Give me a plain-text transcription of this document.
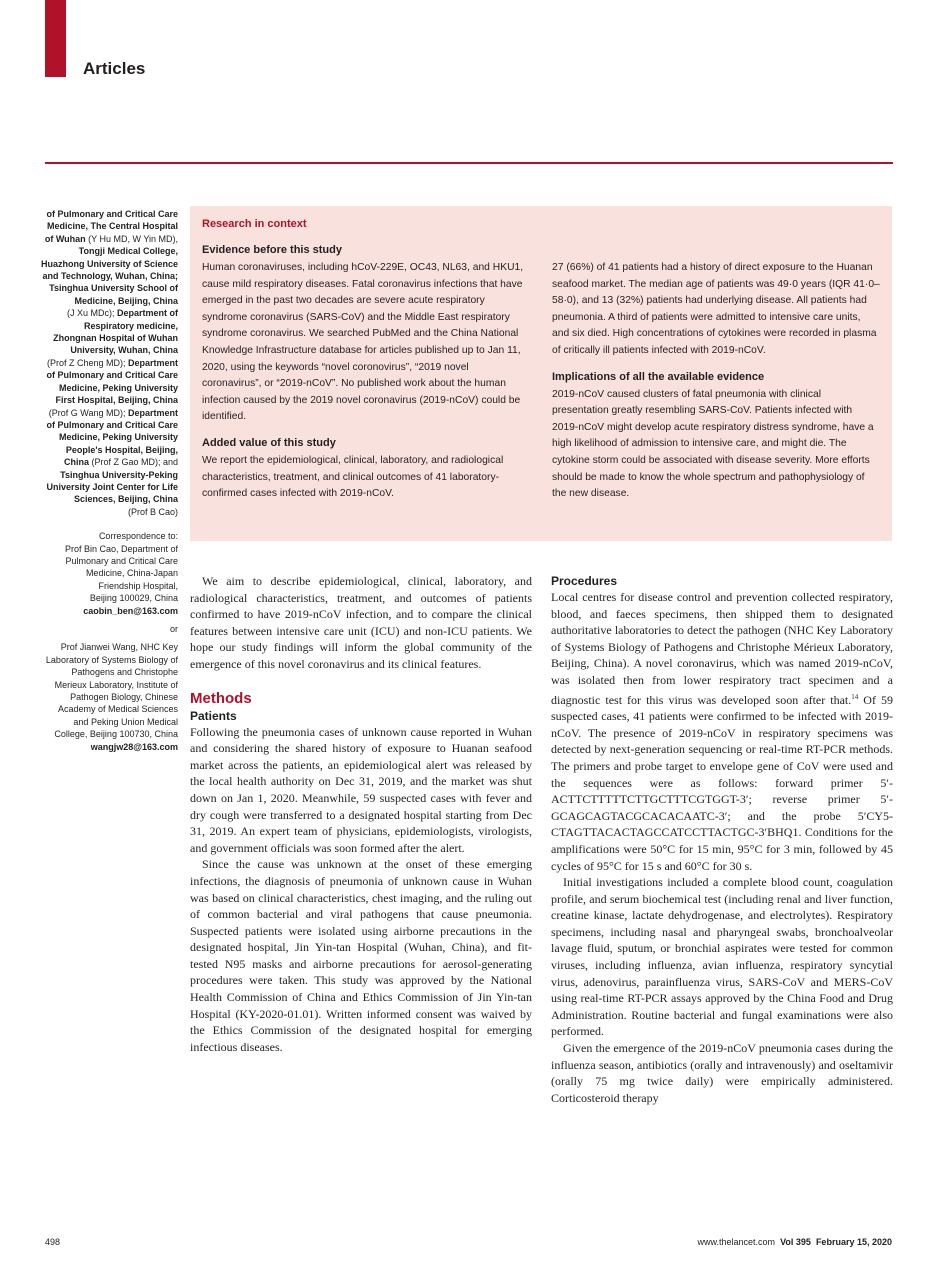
Articles

of Pulmonary and Critical Care

Medicine, The Central Hospital

of Wuhan (Y Hu MD, W Yin MD),

Tongji Medical College,

Huazhong University of Science

and Technology, Wuhan, China;

Tsinghua University School of

Medicine, Beijing, China

(J Xu MDc); Department of

Respiratory medicine,

Zhongnan Hospital of Wuhan

University, Wuhan, China

(Prof Z Cheng MD); Department

of Pulmonary and Critical Care

Medicine, Peking University

First Hospital, Beijing, China

(Prof G Wang MD); Department

of Pulmonary and Critical Care

Medicine, Peking University

People's Hospital, Beijing,

China (Prof Z Gao MD); and

Tsinghua University-Peking

University Joint Center for Life

Sciences, Beijing, China

(Prof B Cao)

Correspondence to:

Prof Bin Cao, Department of

Pulmonary and Critical Care

Medicine, China-Japan

Friendship Hospital,

Beijing 100029, China

caobin_ben@163.com

or

Prof Jianwei Wang, NHC Key

Laboratory of Systems Biology of

Pathogens and Christophe

Merieux Laboratory, Institute of

Pathogen Biology, Chinese

Academy of Medical Sciences

and Peking Union Medical

College, Beijing 100730, China

wangjw28@163.com

Research in context
Evidence before this study

Human coronaviruses, including hCoV-229E, OC43, NL63, and HKU1, cause mild respiratory diseases. Fatal coronavirus infections that have emerged in the past two decades are severe acute respiratory syndrome coronavirus (SARS-CoV) and the Middle East respiratory syndrome coronavirus. We searched PubMed and the China National Knowledge Infrastructure database for articles published up to Jan 11, 2020, using the keywords “novel coronovirus”, “2019 novel coronavirus”, or “2019-nCoV”. No published work about the human infection caused by the 2019 novel coronavirus (2019-nCoV) could be identified.

Added value of this study

We report the epidemiological, clinical, laboratory, and radiological characteristics, treatment, and clinical outcomes of 41 laboratory-confirmed cases infected with 2019-nCoV.

27 (66%) of 41 patients had a history of direct exposure to the Huanan seafood market. The median age of patients was 49·0 years (IQR 41·0–58·0), and 13 (32%) patients had underlying disease. All patients had pneumonia. A third of patients were admitted to intensive care units, and six died. High concentrations of cytokines were recorded in plasma of critically ill patients infected with 2019-nCoV.

Implications of all the available evidence

2019-nCoV caused clusters of fatal pneumonia with clinical presentation greatly resembling SARS-CoV. Patients infected with 2019-nCoV might develop acute respiratory distress syndrome, have a high likelihood of admission to intensive care, and might die. The cytokine storm could be associated with disease severity. More efforts should be made to know the whole spectrum and pathophysiology of the new disease.

We aim to describe epidemiological, clinical, laboratory, and radiological characteristics, treatment, and outcomes of patients confirmed to have 2019-nCoV infection, and to compare the clinical features between intensive care unit (ICU) and non-ICU patients. We hope our study findings will inform the global community of the emergence of this novel coronavirus and its clinical features.

Methods
Patients

Following the pneumonia cases of unknown cause reported in Wuhan and considering the shared history of exposure to Huanan seafood market across the patients, an epidemiological alert was released by the local health authority on Dec 31, 2019, and the market was shut down on Jan 1, 2020. Meanwhile, 59 suspected cases with fever and dry cough were transferred to a designated hospital starting from Dec 31, 2019. An expert team of physicians, epidemiologists, virologists, and government officials was soon formed after the alert.

Since the cause was unknown at the onset of these emerging infections, the diagnosis of pneumonia of unknown cause in Wuhan was based on clinical characteristics, chest imaging, and the ruling out of common bacterial and viral pathogens that cause pneumonia. Suspected patients were isolated using airborne precautions in the designated hospital, Jin Yin-tan Hospital (Wuhan, China), and fit-tested N95 masks and airborne precautions for aerosol-generating procedures were taken. This study was approved by the National Health Commission of China and Ethics Commission of Jin Yin-tan Hospital (KY-2020-01.01). Written informed consent was waived by the Ethics Commission of the designated hospital for emerging infectious diseases.

Procedures

Local centres for disease control and prevention collected respiratory, blood, and faeces specimens, then shipped them to designated authoritative laboratories to detect the pathogen (NHC Key Laboratory of Systems Biology of Pathogens and Christophe Mérieux Laboratory, Beijing, China). A novel coronavirus, which was named 2019-nCoV, was isolated then from lower respiratory tract specimen and a diagnostic test for this virus was developed soon after that.$^{14}$ Of 59 suspected cases, 41 patients were confirmed to be infected with 2019-nCoV. The presence of 2019-nCoV in respiratory specimens was detected by next-generation sequencing or real-time RT-PCR methods. The primers and probe target to envelope gene of CoV were used and the sequences were as follows: forward primer 5′-ACTTCTTTTTCTTGCTTTCGTGGT-3′; reverse primer 5′-GCAGCAGTACGCACACAATC-3′; and the probe 5′CY5-CTAGTTACACTAGCCATCCTTACTGC-3′BHQ1. Conditions for the amplifications were 50°C for 15 min, 95°C for 3 min, followed by 45 cycles of 95°C for 15 s and 60°C for 30 s.

Initial investigations included a complete blood count, coagulation profile, and serum biochemical test (including renal and liver function, creatine kinase, lactate dehydrogenase, and electrolytes). Respiratory specimens, including nasal and pharyngeal swabs, bronchoalveolar lavage fluid, sputum, or bronchial aspirates were tested for common viruses, including influenza, avian influenza, respiratory syncytial virus, adenovirus, parainfluenza virus, SARS-CoV and MERS-CoV using real-time RT-PCR assays approved by the China Food and Drug Administration. Routine bacterial and fungal examinations were also performed.

Given the emergence of the 2019-nCoV pneumonia cases during the influenza season, antibiotics (orally and intravenously) and oseltamivir (orally 75 mg twice daily) were empirically administered. Corticosteroid therapy

498	www.thelancet.com Vol 395 February 15, 2020
